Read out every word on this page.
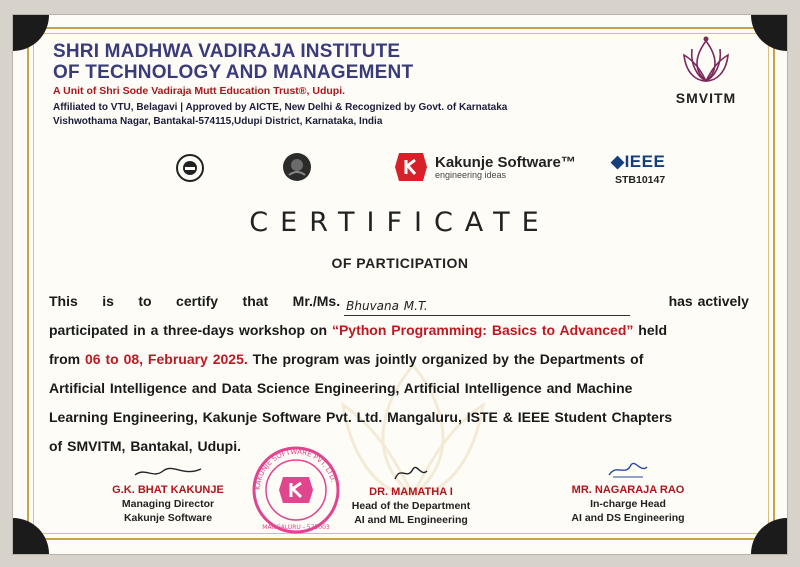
SHRI MADHWA VADIRAJA INSTITUTE
OF TECHNOLOGY AND MANAGEMENT
A Unit of Shri Sode Vadiraja Mutt Education Trust®, Udupi.
Affiliated to VTU, Belagavi | Approved by AICTE, New Delhi & Recognized by Govt. of Karnataka
Vishwothama Nagar, Bantakal-574115,Udupi District, Karnataka, India
SMVITM
Kakunje Software™
engineering ideas
◆IEEE
STB10147
CERTIFICATE
OF PARTICIPATION
This is to certify that Mr./Ms. Bhuvana M.T.	has actively
participated in a three-days workshop on “Python Programming: Basics to Advanced” held
from 06 to 08, February 2025. The program was jointly organized by the Departments of
Artificial Intelligence and Data Science Engineering, Artificial Intelligence and Machine
Learning Engineering, Kakunje Software Pvt. Ltd. Mangaluru, ISTE & IEEE Student Chapters
of SMVITM, Bantakal, Udupi.
G.K. BHAT KAKUNJE
Managing Director
Kakunje Software
KAKUNJE SOFTWARE PVT. LTD.
MANGALURU - 575003
DR. MAMATHA I
Head of the Department
AI and ML Engineering
MR. NAGARAJA RAO
In-charge Head
AI and DS Engineering
